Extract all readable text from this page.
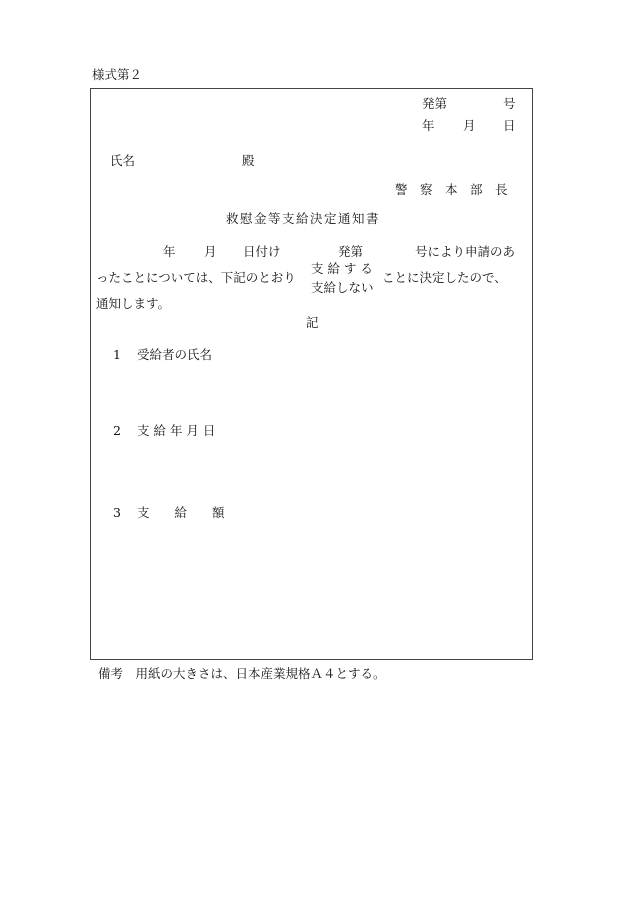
様式第２
発第	号
年 月 日
氏名	殿
警　察　本　部　長
救慰金等支給決定通知書
年 月 日付け	発第	号により申請のあ
ったことについては、下記のとおり
支 給 す る
支給しない
ことに決定したので、
通知します。
記
1 受給者の氏名
2 支 給 年 月 日
3 支　　給　　額
備考　用紙の大きさは、日本産業規格Ａ４とする。
